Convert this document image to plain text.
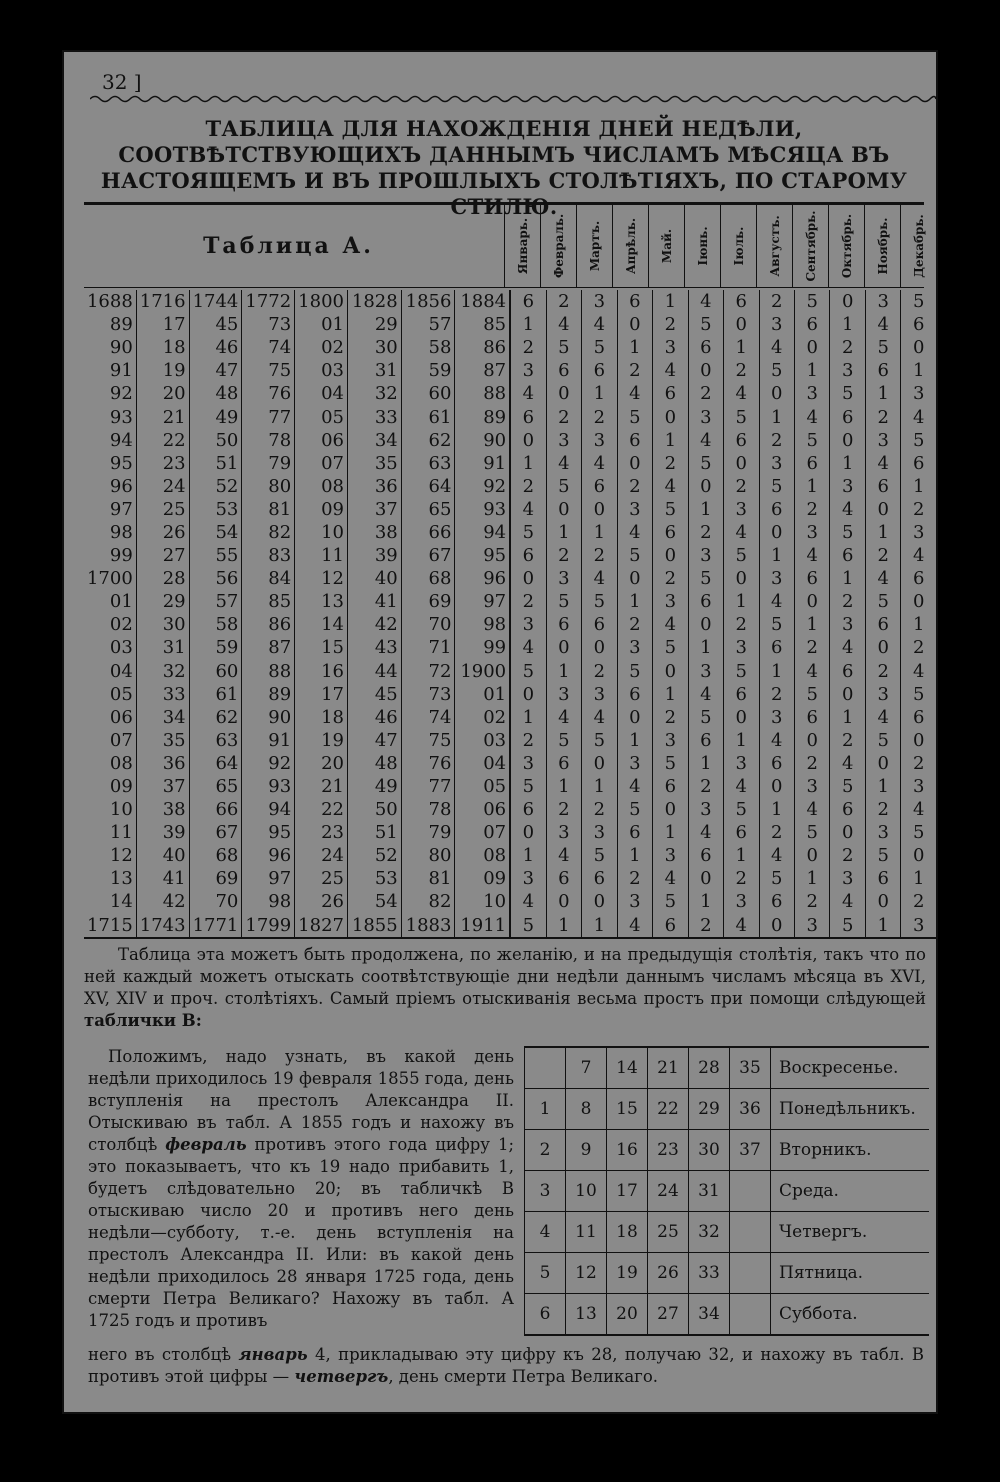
32 ]
ТАБЛИЦА ДЛЯ НАХОЖДЕНІЯ ДНЕЙ НЕДѢЛИ, СООТВѢТСТВУЮЩИХЪ ДАННЫМЪ ЧИСЛАМЪ МѢСЯЦА ВЪ НАСТОЯЩЕМЪ И ВЪ ПРОШЛЫХЪ СТОЛѢТІЯХЪ, ПО СТАРОМУ СТИЛЮ.
Таблица А.	Январь. Февраль. Мартъ. Апрѣль. Май. Іюнь. Іюль. Августъ. Сентябрь. Октябрь. Ноябрь. Декабрь.
1688	1716	1744	1772	1800	1828	1856	1884	6	2	3	6	1	4	6	2	5	0	3	5
89	17	45	73	01	29	57	85	1	4	4	0	2	5	0	3	6	1	4	6
90	18	46	74	02	30	58	86	2	5	5	1	3	6	1	4	0	2	5	0
91	19	47	75	03	31	59	87	3	6	6	2	4	0	2	5	1	3	6	1
92	20	48	76	04	32	60	88	4	0	1	4	6	2	4	0	3	5	1	3
93	21	49	77	05	33	61	89	6	2	2	5	0	3	5	1	4	6	2	4
94	22	50	78	06	34	62	90	0	3	3	6	1	4	6	2	5	0	3	5
95	23	51	79	07	35	63	91	1	4	4	0	2	5	0	3	6	1	4	6
96	24	52	80	08	36	64	92	2	5	6	2	4	0	2	5	1	3	6	1
97	25	53	81	09	37	65	93	4	0	0	3	5	1	3	6	2	4	0	2
98	26	54	82	10	38	66	94	5	1	1	4	6	2	4	0	3	5	1	3
99	27	55	83	11	39	67	95	6	2	2	5	0	3	5	1	4	6	2	4
1700	28	56	84	12	40	68	96	0	3	4	0	2	5	0	3	6	1	4	6
01	29	57	85	13	41	69	97	2	5	5	1	3	6	1	4	0	2	5	0
02	30	58	86	14	42	70	98	3	6	6	2	4	0	2	5	1	3	6	1
03	31	59	87	15	43	71	99	4	0	0	3	5	1	3	6	2	4	0	2
04	32	60	88	16	44	72	1900	5	1	2	5	0	3	5	1	4	6	2	4
05	33	61	89	17	45	73	01	0	3	3	6	1	4	6	2	5	0	3	5
06	34	62	90	18	46	74	02	1	4	4	0	2	5	0	3	6	1	4	6
07	35	63	91	19	47	75	03	2	5	5	1	3	6	1	4	0	2	5	0
08	36	64	92	20	48	76	04	3	6	0	3	5	1	3	6	2	4	0	2
09	37	65	93	21	49	77	05	5	1	1	4	6	2	4	0	3	5	1	3
10	38	66	94	22	50	78	06	6	2	2	5	0	3	5	1	4	6	2	4
11	39	67	95	23	51	79	07	0	3	3	6	1	4	6	2	5	0	3	5
12	40	68	96	24	52	80	08	1	4	5	1	3	6	1	4	0	2	5	0
13	41	69	97	25	53	81	09	3	6	6	2	4	0	2	5	1	3	6	1
14	42	70	98	26	54	82	10	4	0	0	3	5	1	3	6	2	4	0	2
1715	1743	1771	1799	1827	1855	1883	1911	5	1	1	4	6	2	4	0	3	5	1	3
Таблица эта можетъ быть продолжена, по желанію, и на предыдущія столѣтія, такъ что по ней каждый можетъ отыскать соотвѣтствующіе дни недѣли даннымъ числамъ мѣсяца въ XVI, XV, XIV и проч. столѣтіяхъ. Самый пріемъ отыскиванія весьма простъ при помощи слѣдующей таблички В:
Положимъ, надо узнать, въ какой день недѣли приходилось 19 февраля 1855 года, день вступленія на престолъ Александра II. Отыскиваю въ табл. А 1855 годъ и нахожу въ столбцѣ февраль противъ этого года цифру 1; это показываетъ, что къ 19 надо прибавить 1, будетъ слѣдовательно 20; въ табличкѣ В отыскиваю число 20 и противъ него день недѣли—субботу, т.-е. день вступленія на престолъ Александра II. Или: въ какой день недѣли приходилось 28 января 1725 года, день смерти Петра Великаго? Нахожу въ табл. А 1725 годъ и противъ
	7	14	21	28	35	Воскресенье.
1	8	15	22	29	36	Понедѣльникъ.
2	9	16	23	30	37	Вторникъ.
3	10	17	24	31		Среда.
4	11	18	25	32		Четвергъ.
5	12	19	26	33		Пятница.
6	13	20	27	34		Суббота.
него въ столбцѣ январь 4, прикладываю эту цифру къ 28, получаю 32, и нахожу въ табл. В противъ этой цифры — четвергъ, день смерти Петра Великаго.
